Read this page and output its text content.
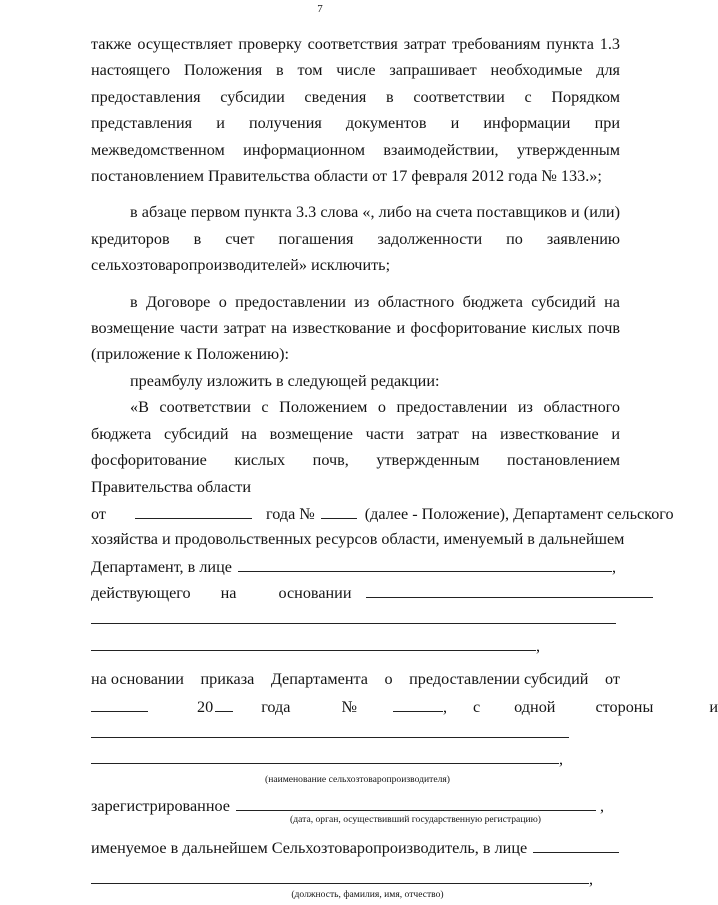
7

также осуществляет проверку соответствия затрат требованиям пункта 1.3 настоящего Положения в том числе запрашивает необходимые для предоставления субсидии сведения в соответствии с Порядком представления и получения документов и информации при межведомственном информационном взаимодействии, утвержденным постановлением Правительства области от 17 февраля 2012 года № 133.»;

в абзаце первом пункта 3.3 слова «, либо на счета поставщиков и (или) кредиторов в счет погашения задолженности по заявлению сельхозтоваропроизводителей» исключить;

в Договоре о предоставлении из областного бюджета субсидий на возмещение части затрат на известкование и фосфоритование кислых почв (приложение к Положению):

преамбулу изложить в следующей редакции:

«В соответствии с Положением о предоставлении из областного бюджета субсидий на возмещение части затрат на известкование и фосфоритование кислых почв, утвержденным постановлением Правительства области

от	года №	(далее - Положение), Департамент сельского
хозяйства и продовольственных ресурсов области, именуемый в дальнейшем
Департамент, в лице	,
действующего на	основании
,
на основании приказа Департамента о предоставлении субсидий от
20	года	№	, с одной стороны	и
,
(наименование сельхозтоваропроизводителя)
зарегистрированное	,
(дата, орган, осуществивший государственную регистрацию)
именуемое в дальнейшем Сельхозтоваропроизводитель, в лице
,
(должность, фамилия, имя, отчество)
